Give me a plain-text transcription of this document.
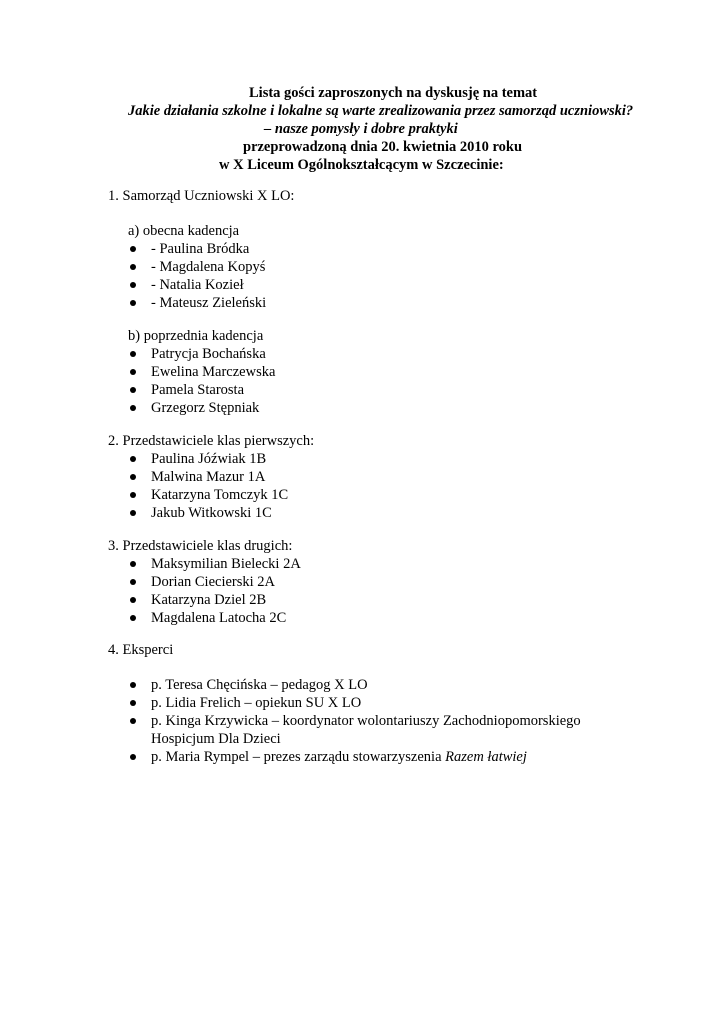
Lista gości zaproszonych na dyskusję na temat
Jakie działania szkolne i lokalne są warte zrealizowania przez samorząd uczniowski?
– nasze pomysły i dobre praktyki
przeprowadzoną dnia 20. kwietnia 2010 roku
w X Liceum Ogólnokształcącym w Szczecinie:
1. Samorząd Uczniowski X LO:
a) obecna kadencja
- Paulina Bródka
- Magdalena Kopyś
- Natalia Kozieł
- Mateusz Zieleński
b) poprzednia kadencja
Patrycja Bochańska
Ewelina Marczewska
Pamela Starosta
Grzegorz Stępniak
2. Przedstawiciele klas pierwszych:
Paulina Jóźwiak 1B
Malwina Mazur 1A
Katarzyna Tomczyk 1C
Jakub Witkowski 1C
3. Przedstawiciele klas drugich:
Maksymilian Bielecki 2A
Dorian Ciecierski 2A
Katarzyna Dziel 2B
Magdalena Latocha 2C
4. Eksperci
p. Teresa Chęcińska – pedagog X LO
p. Lidia Frelich – opiekun SU X LO
p. Kinga Krzywicka – koordynator wolontariuszy Zachodniopomorskiego
Hospicjum Dla Dzieci
p. Maria Rympel – prezes zarządu stowarzyszenia Razem łatwiej
